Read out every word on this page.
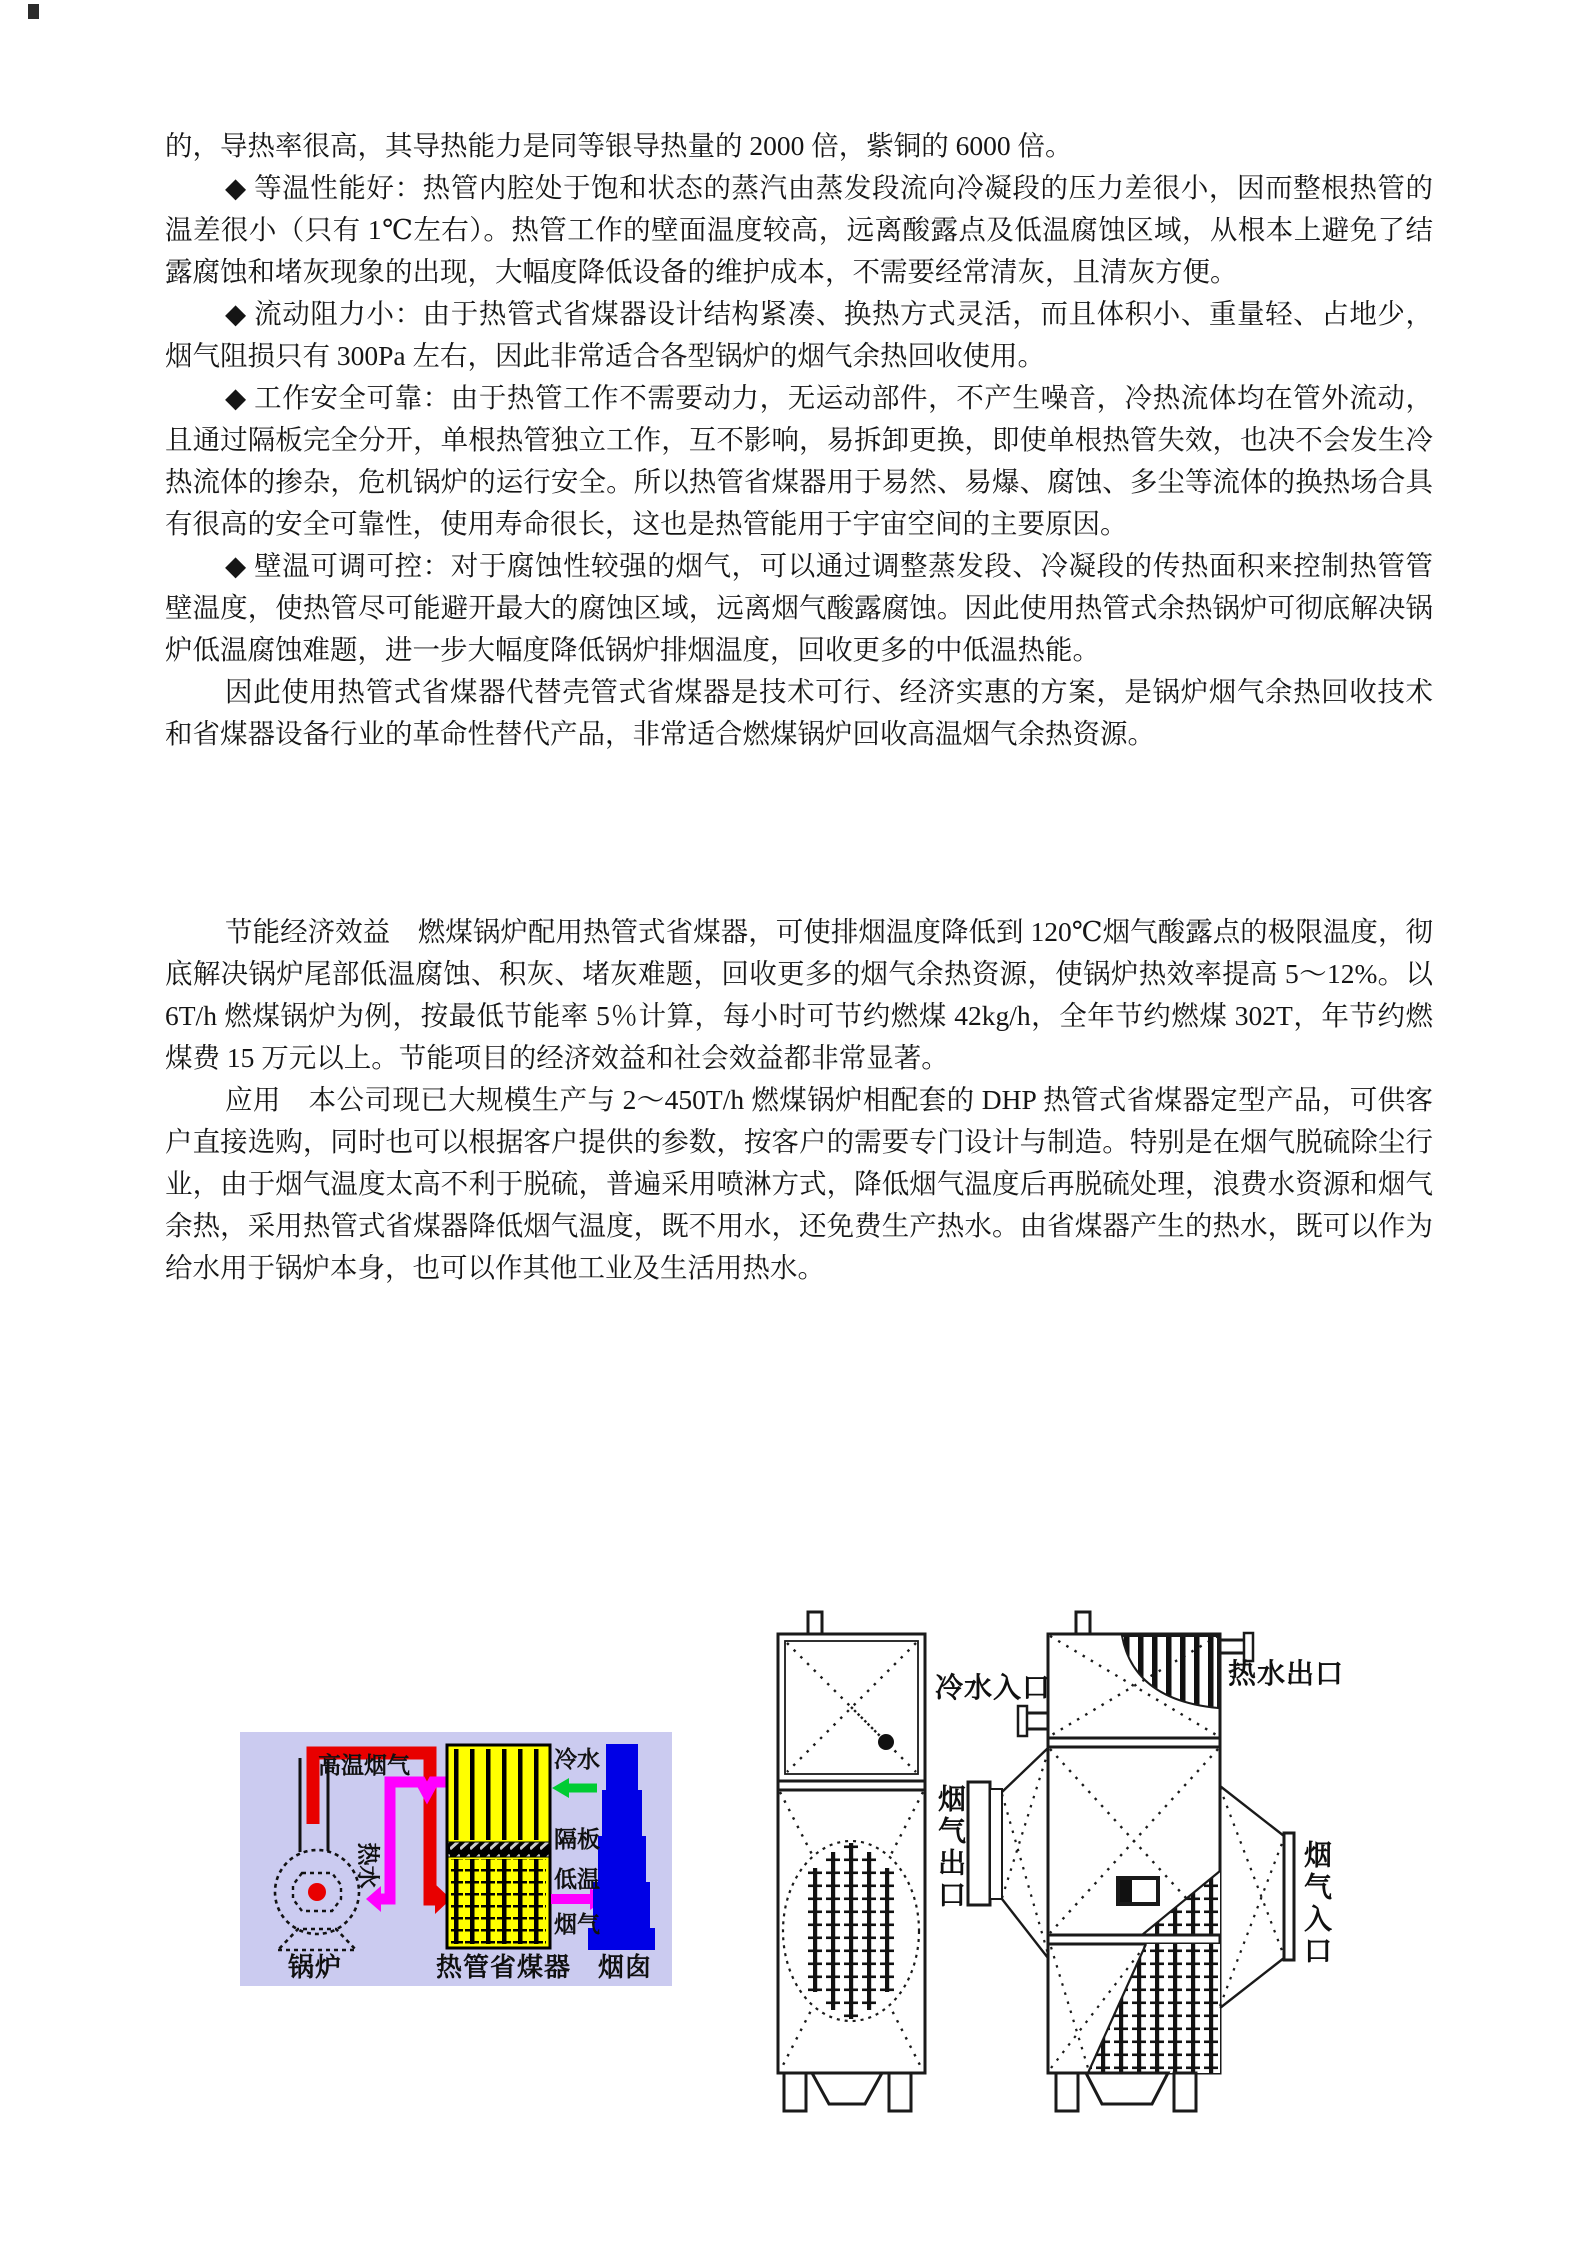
的，导热率很高，其导热能力是同等银导热量的 2000 倍，紫铜的 6000 倍。

◆ 等温性能好：热管内腔处于饱和状态的蒸汽由蒸发段流向冷凝段的压力差很小，因而整根热管的温差很小（只有 1℃左右）。热管工作的壁面温度较高，远离酸露点及低温腐蚀区域，从根本上避免了结露腐蚀和堵灰现象的出现，大幅度降低设备的维护成本，不需要经常清灰，且清灰方便。

◆ 流动阻力小：由于热管式省煤器设计结构紧凑、换热方式灵活，而且体积小、重量轻、占地少，烟气阻损只有 300Pa 左右，因此非常适合各型锅炉的烟气余热回收使用。

◆ 工作安全可靠：由于热管工作不需要动力，无运动部件，不产生噪音，冷热流体均在管外流动，且通过隔板完全分开，单根热管独立工作，互不影响，易拆卸更换，即使单根热管失效，也决不会发生冷热流体的掺杂，危机锅炉的运行安全。所以热管省煤器用于易然、易爆、腐蚀、多尘等流体的换热场合具有很高的安全可靠性，使用寿命很长，这也是热管能用于宇宙空间的主要原因。

◆ 壁温可调可控：对于腐蚀性较强的烟气，可以通过调整蒸发段、冷凝段的传热面积来控制热管管壁温度，使热管尽可能避开最大的腐蚀区域，远离烟气酸露腐蚀。因此使用热管式余热锅炉可彻底解决锅炉低温腐蚀难题，进一步大幅度降低锅炉排烟温度，回收更多的中低温热能。

因此使用热管式省煤器代替壳管式省煤器是技术可行、经济实惠的方案，是锅炉烟气余热回收技术和省煤器设备行业的革命性替代产品，非常适合燃煤锅炉回收高温烟气余热资源。

节能经济效益　燃煤锅炉配用热管式省煤器，可使排烟温度降低到 120℃烟气酸露点的极限温度，彻底解决锅炉尾部低温腐蚀、积灰、堵灰难题，回收更多的烟气余热资源，使锅炉热效率提高 5～12%。以 6T/h 燃煤锅炉为例，按最低节能率 5％计算，每小时可节约燃煤 42kg/h，全年节约燃煤 302T，年节约燃煤费 15 万元以上。节能项目的经济效益和社会效益都非常显著。

应用　本公司现已大规模生产与 2～450T/h 燃煤锅炉相配套的 DHP 热管式省煤器定型产品，可供客户直接选购，同时也可以根据客户提供的参数，按客户的需要专门设计与制造。特别是在烟气脱硫除尘行业，由于烟气温度太高不利于脱硫，普遍采用喷淋方式，降低烟气温度后再脱硫处理，浪费水资源和烟气余热，采用热管式省煤器降低烟气温度，既不用水，还免费生产热水。由省煤器产生的热水，既可以作为给水用于锅炉本身，也可以作其他工业及生活用热水。

高温烟气
热水
冷水
隔板
低温
烟气
锅炉	热管省煤器 烟囱
冷水入口	热水出口
烟气出口	烟气入口
